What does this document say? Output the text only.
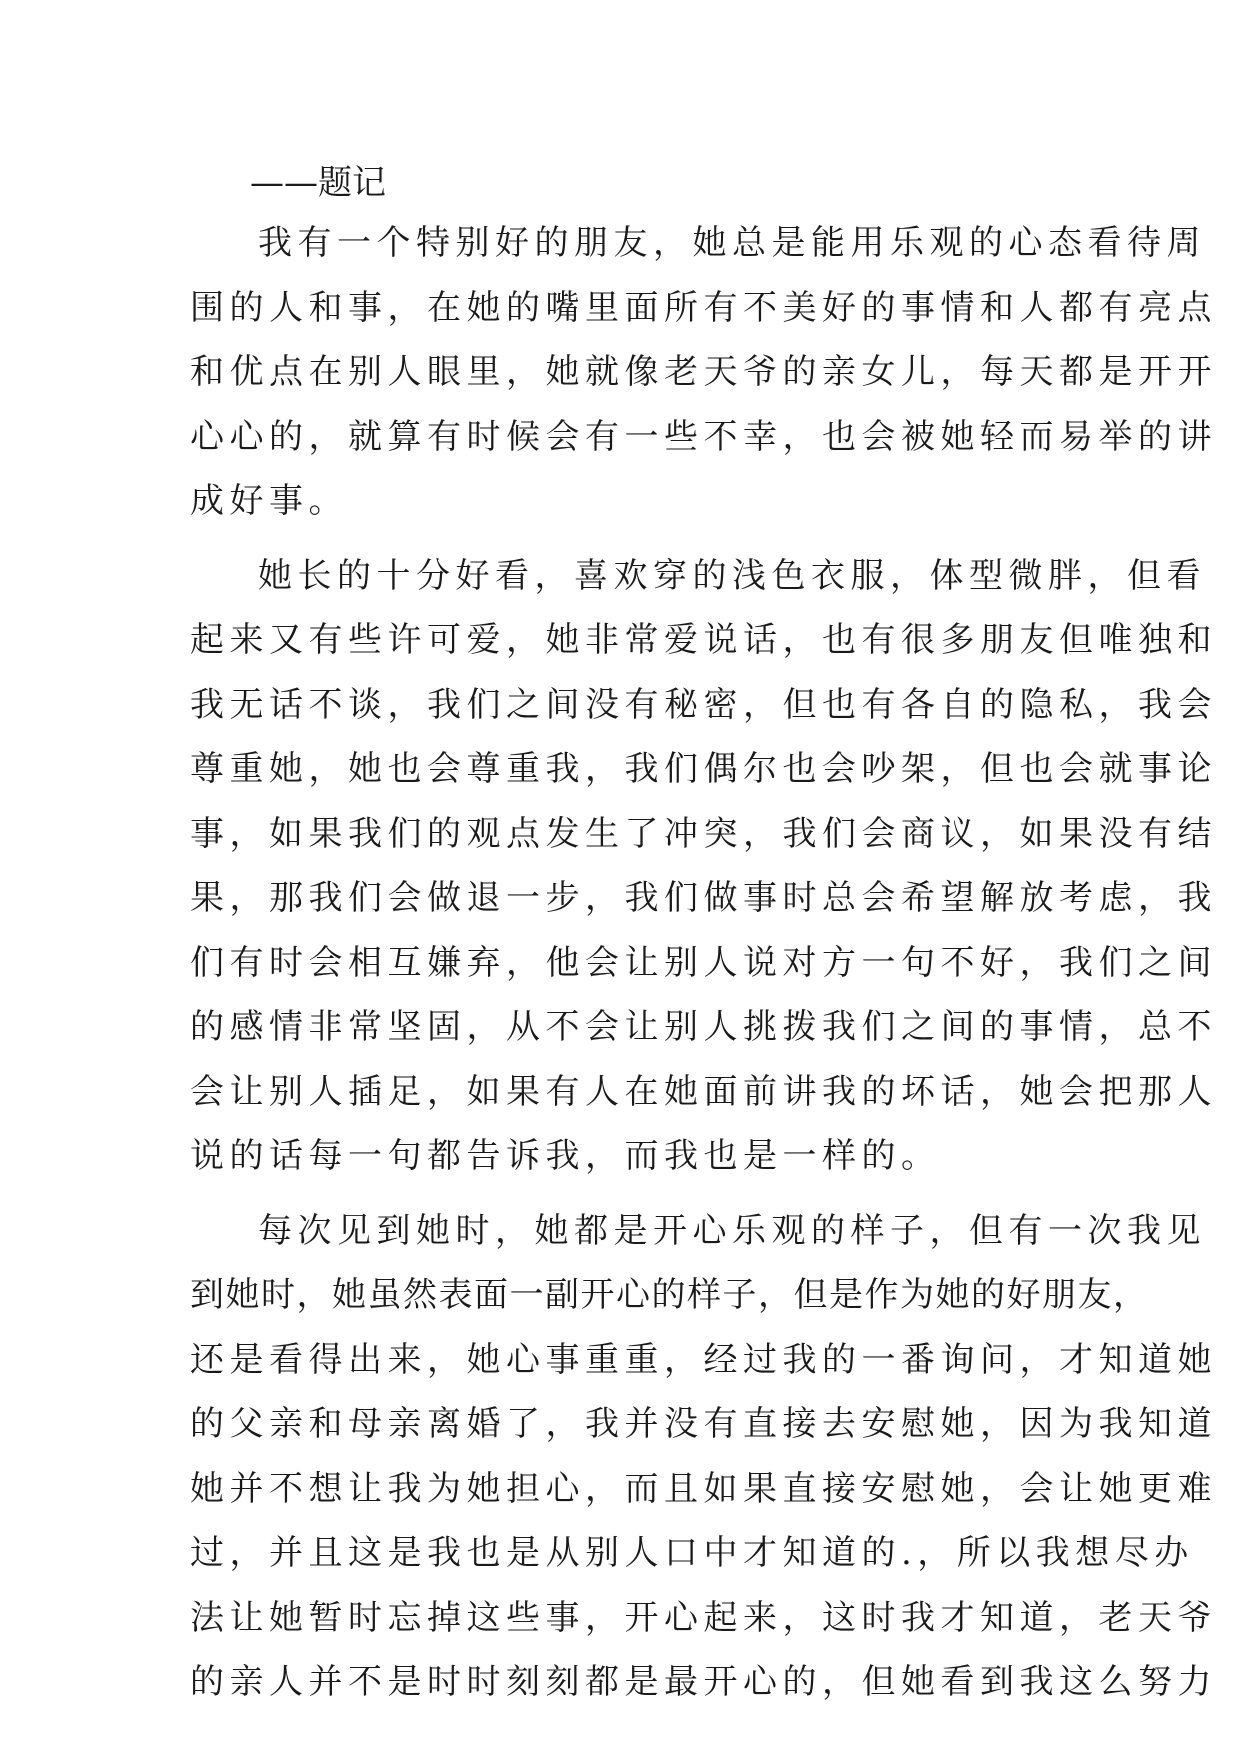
——题记
我有一个特别好的朋友，她总是能用乐观的心态看待周
围的人和事，在她的嘴里面所有不美好的事情和人都有亮点
和优点在别人眼里，她就像老天爷的亲女儿，每天都是开开
心心的，就算有时候会有一些不幸，也会被她轻而易举的讲
成好事。
她长的十分好看，喜欢穿的浅色衣服，体型微胖，但看
起来又有些许可爱，她非常爱说话，也有很多朋友但唯独和
我无话不谈，我们之间没有秘密，但也有各自的隐私，我会
尊重她，她也会尊重我，我们偶尔也会吵架，但也会就事论
事，如果我们的观点发生了冲突，我们会商议，如果没有结
果，那我们会做退一步，我们做事时总会希望解放考虑，我
们有时会相互嫌弃，他会让别人说对方一句不好，我们之间
的感情非常坚固，从不会让别人挑拨我们之间的事情，总不
会让别人插足，如果有人在她面前讲我的坏话，她会把那人
说的话每一句都告诉我，而我也是一样的。
每次见到她时，她都是开心乐观的样子，但有一次我见
到她时，她虽然表面一副开心的样子，但是作为她的好朋友，
还是看得出来，她心事重重，经过我的一番询问，才知道她
的父亲和母亲离婚了，我并没有直接去安慰她，因为我知道
她并不想让我为她担心，而且如果直接安慰她，会让她更难
过，并且这是我也是从别人口中才知道的.，所以我想尽办
法让她暂时忘掉这些事，开心起来，这时我才知道，老天爷
的亲人并不是时时刻刻都是最开心的，但她看到我这么努力
